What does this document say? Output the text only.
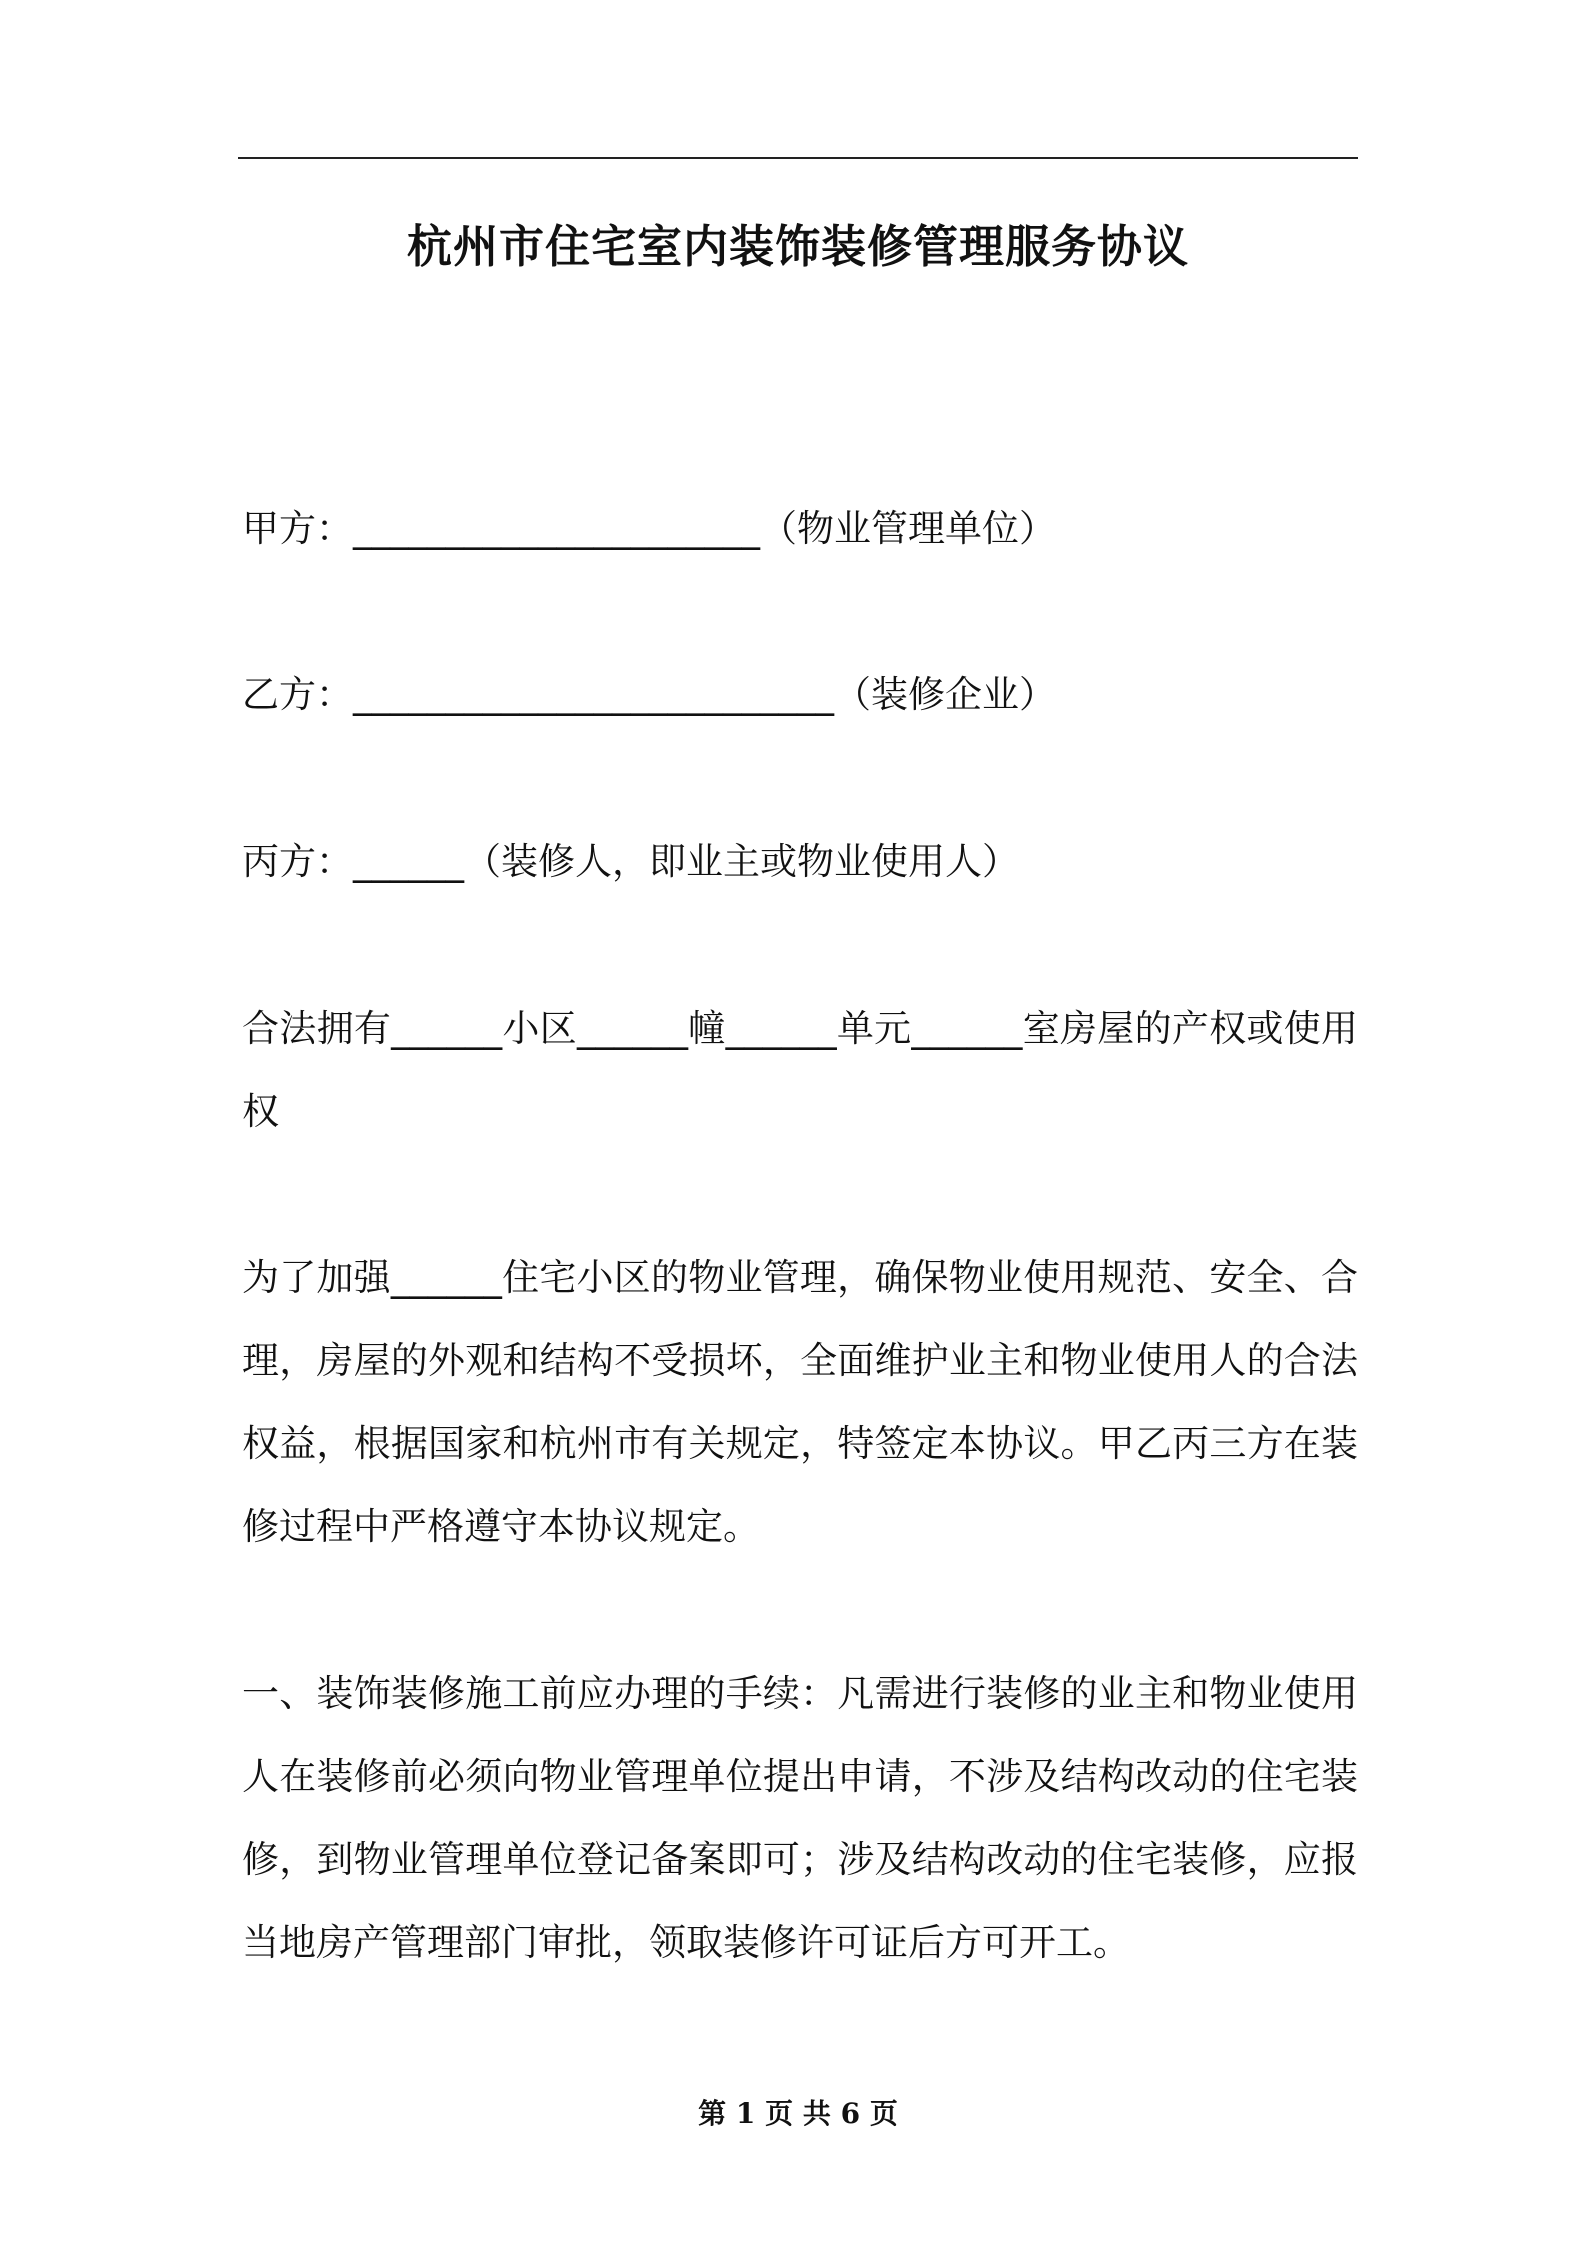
杭州市住宅室内装饰装修管理服务协议

甲方：______________________（物业管理单位）

乙方：__________________________（装修企业）

丙方：______（装修人，即业主或物业使用人）

合法拥有______小区______幢______单元______室房屋的产权或使用权

为了加强______住宅小区的物业管理，确保物业使用规范、安全、合理，房屋的外观和结构不受损坏，全面维护业主和物业使用人的合法权益，根据国家和杭州市有关规定，特签定本协议。甲乙丙三方在装修过程中严格遵守本协议规定。

一、装饰装修施工前应办理的手续：凡需进行装修的业主和物业使用人在装修前必须向物业管理单位提出申请，不涉及结构改动的住宅装修，到物业管理单位登记备案即可；涉及结构改动的住宅装修，应报当地房产管理部门审批，领取装修许可证后方可开工。

第 1 页 共 6 页
